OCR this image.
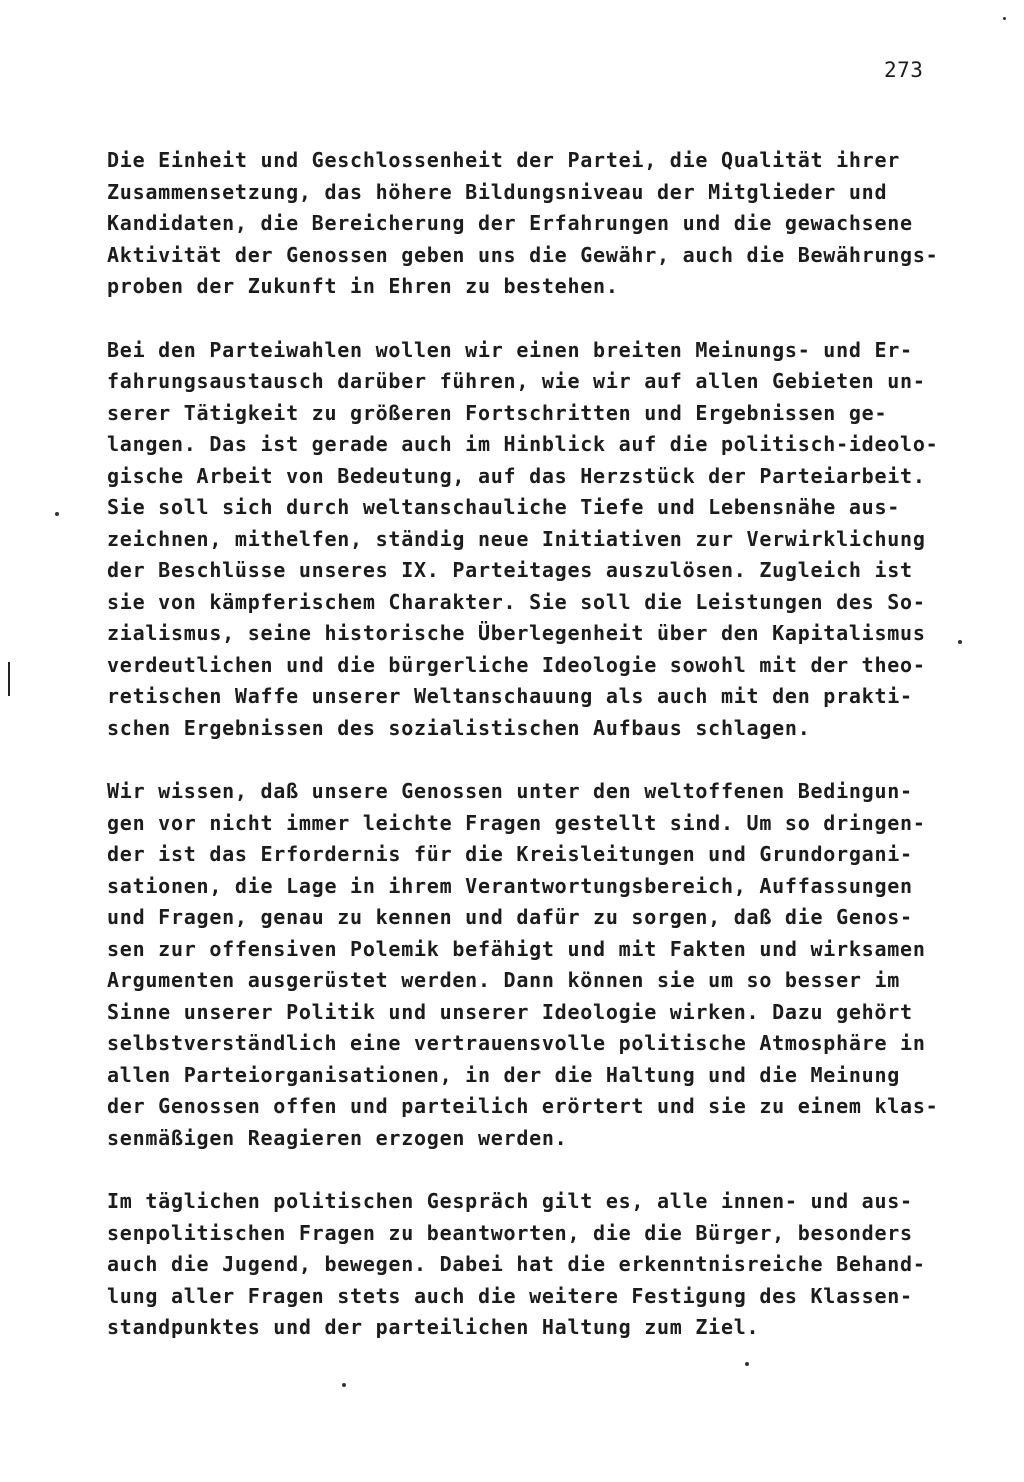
273
Die Einheit und Geschlossenheit der Partei, die Qualität ihrer
Zusammensetzung, das höhere Bildungsniveau der Mitglieder und
Kandidaten, die Bereicherung der Erfahrungen und die gewachsene
Aktivität der Genossen geben uns die Gewähr, auch die Bewährungs-
proben der Zukunft in Ehren zu bestehen.
Bei den Parteiwahlen wollen wir einen breiten Meinungs- und Er-
fahrungsaustausch darüber führen, wie wir auf allen Gebieten un-
serer Tätigkeit zu größeren Fortschritten und Ergebnissen ge-
langen. Das ist gerade auch im Hinblick auf die politisch-ideolo-
gische Arbeit von Bedeutung, auf das Herzstück der Parteiarbeit.
Sie soll sich durch weltanschauliche Tiefe und Lebensnähe aus-
zeichnen, mithelfen, ständig neue Initiativen zur Verwirklichung
der Beschlüsse unseres IX. Parteitages auszulösen. Zugleich ist
sie von kämpferischem Charakter. Sie soll die Leistungen des So-
zialismus, seine historische Überlegenheit über den Kapitalismus
verdeutlichen und die bürgerliche Ideologie sowohl mit der theo-
retischen Waffe unserer Weltanschauung als auch mit den prakti-
schen Ergebnissen des sozialistischen Aufbaus schlagen.
Wir wissen, daß unsere Genossen unter den weltoffenen Bedingun-
gen vor nicht immer leichte Fragen gestellt sind. Um so dringen-
der ist das Erfordernis für die Kreisleitungen und Grundorgani-
sationen, die Lage in ihrem Verantwortungsbereich, Auffassungen
und Fragen, genau zu kennen und dafür zu sorgen, daß die Genos-
sen zur offensiven Polemik befähigt und mit Fakten und wirksamen
Argumenten ausgerüstet werden. Dann können sie um so besser im
Sinne unserer Politik und unserer Ideologie wirken. Dazu gehört
selbstverständlich eine vertrauensvolle politische Atmosphäre in
allen Parteiorganisationen, in der die Haltung und die Meinung
der Genossen offen und parteilich erörtert und sie zu einem klas-
senmäßigen Reagieren erzogen werden.
Im täglichen politischen Gespräch gilt es, alle innen- und aus-
senpolitischen Fragen zu beantworten, die die Bürger, besonders
auch die Jugend, bewegen. Dabei hat die erkenntnisreiche Behand-
lung aller Fragen stets auch die weitere Festigung des Klassen-
standpunktes und der parteilichen Haltung zum Ziel.
